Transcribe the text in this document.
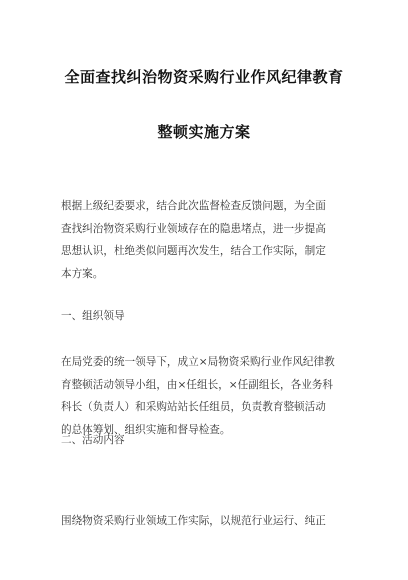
全面查找纠治物资采购行业作风纪律教育
整顿实施方案
根据上级纪委要求，结合此次监督检查反馈问题，为全面
查找纠治物资采购行业领域存在的隐患堵点，进一步提高
思想认识，杜绝类似问题再次发生，结合工作实际，制定
本方案。
一、组织领导
在局党委的统一领导下，成立×局物资采购行业作风纪律教
育整顿活动领导小组，由×任组长，×任副组长，各业务科
科长（负责人）和采购站站长任组员，负责教育整顿活动
的总体筹划、组织实施和督导检查。
二、活动内容
围绕物资采购行业领域工作实际，以规范行业运行、纯正
